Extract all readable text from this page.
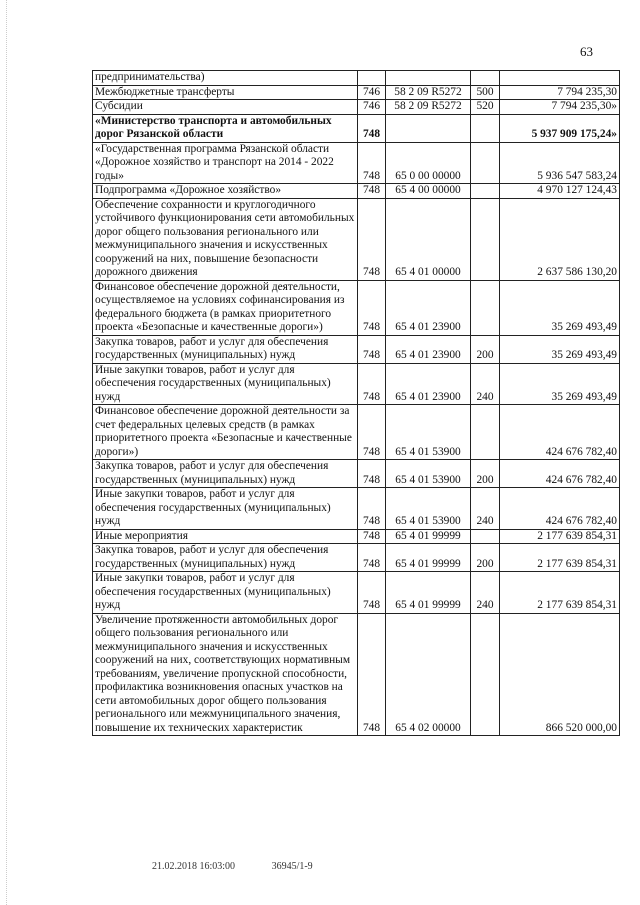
63
предпринимательства)				
Межбюджетные трансферты	746	58 2 09 R5272	500	7 794 235,30
Субсидии	746	58 2 09 R5272	520	7 794 235,30»
«Министерство транспорта и автомобильных дорог Рязанской области	748			5 937 909 175,24»
«Государственная программа Рязанской области «Дорожное хозяйство и транспорт на 2014 - 2022 годы»	748	65 0 00 00000		5 936 547 583,24
Подпрограмма «Дорожное хозяйство»	748	65 4 00 00000		4 970 127 124,43
Обеспечение сохранности и круглогодичного устойчивого функционирования сети автомобильных дорог общего пользования регионального или межмуниципального значения и искусственных сооружений на них, повышение безопасности дорожного движения	748	65 4 01 00000		2 637 586 130,20
Финансовое обеспечение дорожной деятельности, осуществляемое на условиях софинансирования из федерального бюджета (в рамках приоритетного проекта «Безопасные и качественные дороги»)	748	65 4 01 23900		35 269 493,49
Закупка товаров, работ и услуг для обеспечения государственных (муниципальных) нужд	748	65 4 01 23900	200	35 269 493,49
Иные закупки товаров, работ и услуг для обеспечения государственных (муниципальных) нужд	748	65 4 01 23900	240	35 269 493,49
Финансовое обеспечение дорожной деятельности за счет федеральных целевых средств (в рамках приоритетного проекта «Безопасные и качественные дороги»)	748	65 4 01 53900		424 676 782,40
Закупка товаров, работ и услуг для обеспечения государственных (муниципальных) нужд	748	65 4 01 53900	200	424 676 782,40
Иные закупки товаров, работ и услуг для обеспечения государственных (муниципальных) нужд	748	65 4 01 53900	240	424 676 782,40
Иные мероприятия	748	65 4 01 99999		2 177 639 854,31
Закупка товаров, работ и услуг для обеспечения государственных (муниципальных) нужд	748	65 4 01 99999	200	2 177 639 854,31
Иные закупки товаров, работ и услуг для обеспечения государственных (муниципальных) нужд	748	65 4 01 99999	240	2 177 639 854,31
Увеличение протяженности автомобильных дорог общего пользования регионального или межмуниципального значения и искусственных сооружений на них, соответствующих нормативным требованиям, увеличение пропускной способности, профилактика возникновения опасных участков на сети автомобильных дорог общего пользования регионального или межмуниципального значения, повышение их технических характеристик	748	65 4 02 00000		866 520 000,00
21.02.2018 16:03:00	36945/1-9
